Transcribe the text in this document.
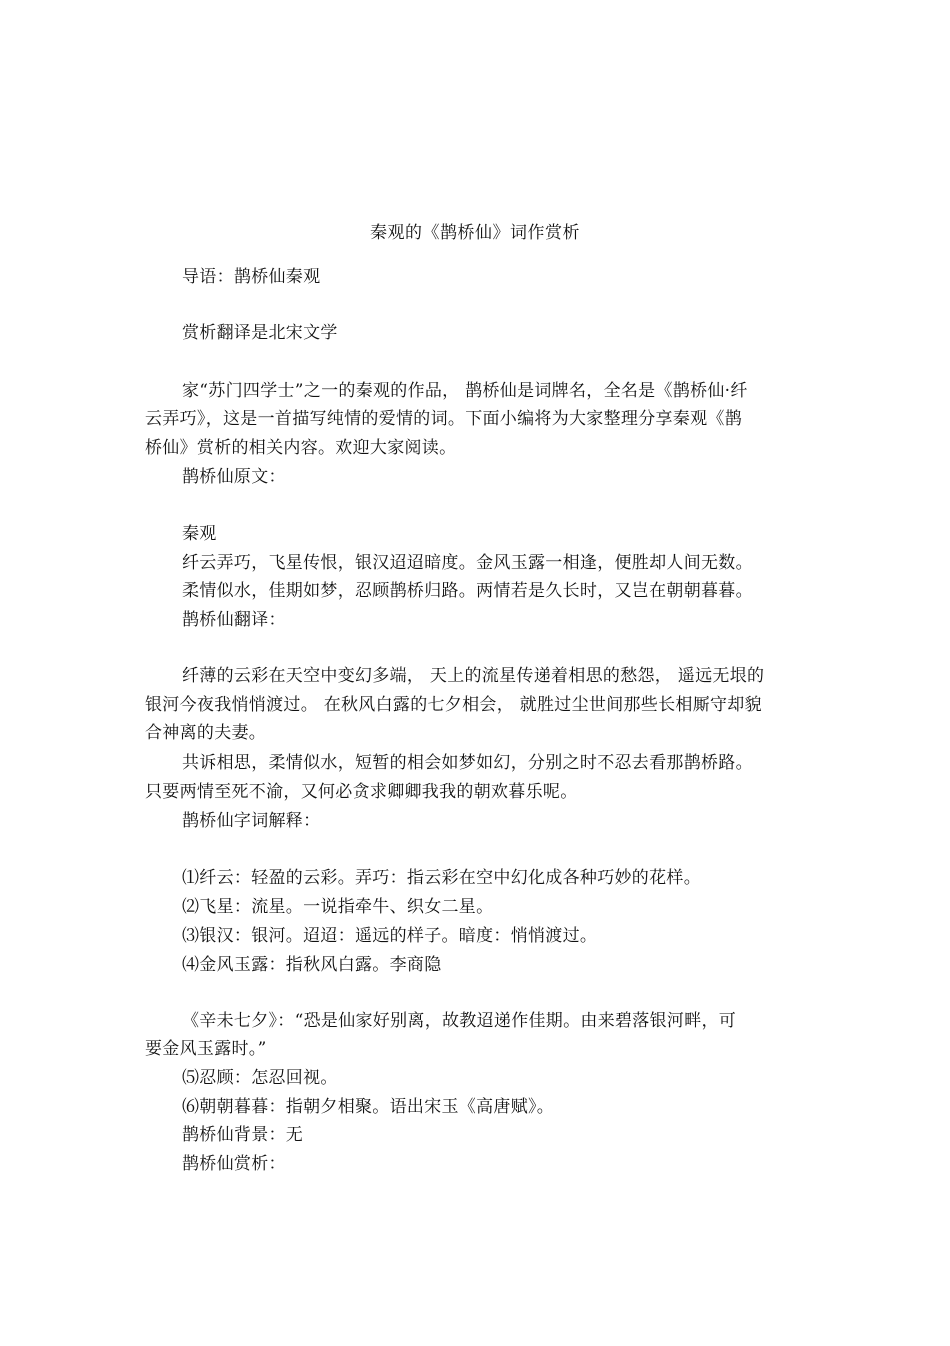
秦观的《鹊桥仙》词作赏析
导语：鹊桥仙秦观
赏析翻译是北宋文学
家“苏门四学士”之一的秦观的作品， 鹊桥仙是词牌名，全名是《鹊桥仙·纤
云弄巧》，这是一首描写纯情的爱情的词。下面小编将为大家整理分享秦观《鹊
桥仙》赏析的相关内容。欢迎大家阅读。
鹊桥仙原文：
秦观
纤云弄巧，飞星传恨，银汉迢迢暗度。金风玉露一相逢，便胜却人间无数。
柔情似水，佳期如梦，忍顾鹊桥归路。两情若是久长时，又岂在朝朝暮暮。
鹊桥仙翻译：
纤薄的云彩在天空中变幻多端， 天上的流星传递着相思的愁怨， 遥远无垠的
银河今夜我悄悄渡过。 在秋风白露的七夕相会， 就胜过尘世间那些长相厮守却貌
合神离的夫妻。
共诉相思，柔情似水，短暂的相会如梦如幻，分别之时不忍去看那鹊桥路。
只要两情至死不渝，又何必贪求卿卿我我的朝欢暮乐呢。
鹊桥仙字词解释：
⑴纤云：轻盈的云彩。弄巧：指云彩在空中幻化成各种巧妙的花样。
⑵飞星：流星。一说指牵牛、织女二星。
⑶银汉：银河。迢迢：遥远的样子。暗度：悄悄渡过。
⑷金风玉露：指秋风白露。李商隐
《辛未七夕》：“恐是仙家好别离，故教迢递作佳期。由来碧落银河畔，可
要金风玉露时。”
⑸忍顾：怎忍回视。
⑹朝朝暮暮：指朝夕相聚。语出宋玉《高唐赋》。
鹊桥仙背景：无
鹊桥仙赏析：
